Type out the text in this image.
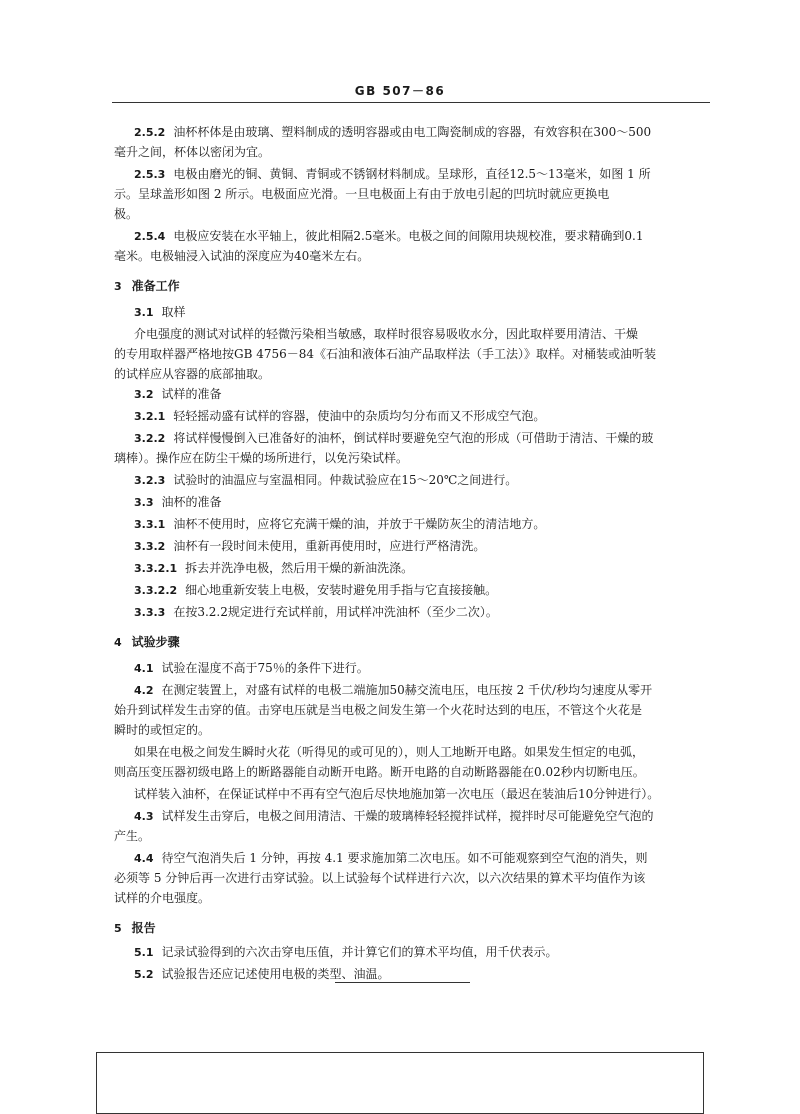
GB 507－86
2.5.2 油杯杯体是由玻璃、塑料制成的透明容器或由电工陶瓷制成的容器，有效容积在300～500
毫升之间，杯体以密闭为宜。
2.5.3 电极由磨光的铜、黄铜、青铜或不锈钢材料制成。呈球形，直径12.5～13毫米，如图 1 所
示。呈球盖形如图 2 所示。电极面应光滑。一旦电极面上有由于放电引起的凹坑时就应更换电
极。
2.5.4 电极应安装在水平轴上，彼此相隔2.5毫米。电极之间的间隙用块规校准，要求精确到0.1
毫米。电极轴浸入试油的深度应为40毫米左右。
3 准备工作
3.1 取样
介电强度的测试对试样的轻微污染相当敏感，取样时很容易吸收水分，因此取样要用清洁、干燥
的专用取样器严格地按GB 4756－84《石油和液体石油产品取样法（手工法）》取样。对桶装或油听装
的试样应从容器的底部抽取。
3.2 试样的准备
3.2.1 轻轻摇动盛有试样的容器，使油中的杂质均匀分布而又不形成空气泡。
3.2.2 将试样慢慢倒入已准备好的油杯，倒试样时要避免空气泡的形成（可借助于清洁、干燥的玻
璃棒）。操作应在防尘干燥的场所进行，以免污染试样。
3.2.3 试验时的油温应与室温相同。仲裁试验应在15～20℃之间进行。
3.3 油杯的准备
3.3.1 油杯不使用时，应将它充满干燥的油，并放于干燥防灰尘的清洁地方。
3.3.2 油杯有一段时间未使用，重新再使用时，应进行严格清洗。
3.3.2.1 拆去并洗净电极，然后用干燥的新油洗涤。
3.3.2.2 细心地重新安装上电极，安装时避免用手指与它直接接触。
3.3.3 在按3.2.2规定进行充试样前，用试样冲洗油杯（至少二次）。
4 试验步骤
4.1 试验在湿度不高于75％的条件下进行。
4.2 在测定装置上，对盛有试样的电极二端施加50赫交流电压，电压按 2 千伏/秒均匀速度从零开
始升到试样发生击穿的值。击穿电压就是当电极之间发生第一个火花时达到的电压，不管这个火花是
瞬时的或恒定的。
如果在电极之间发生瞬时火花（听得见的或可见的），则人工地断开电路。如果发生恒定的电弧，
则高压变压器初级电路上的断路器能自动断开电路。断开电路的自动断路器能在0.02秒内切断电压。
试样装入油杯，在保证试样中不再有空气泡后尽快地施加第一次电压（最迟在装油后10分钟进行）。
4.3 试样发生击穿后，电极之间用清洁、干燥的玻璃棒轻轻搅拌试样，搅拌时尽可能避免空气泡的
产生。
4.4 待空气泡消失后 1 分钟，再按 4.1 要求施加第二次电压。如不可能观察到空气泡的消失，则
必须等 5 分钟后再一次进行击穿试验。以上试验每个试样进行六次，以六次结果的算术平均值作为该
试样的介电强度。
5 报告
5.1 记录试验得到的六次击穿电压值，并计算它们的算术平均值，用千伏表示。
5.2 试验报告还应记述使用电极的类型、油温。
